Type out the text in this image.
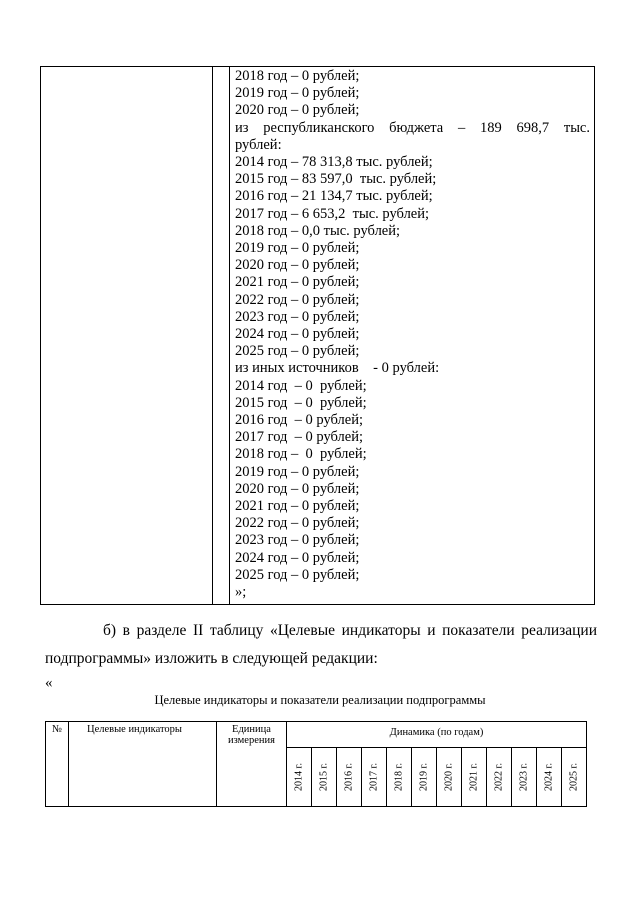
2018 год – 0 рублей;
2019 год – 0 рублей;
2020 год – 0 рублей;
из республиканского бюджета – 189 698,7 тыс.
рублей:
2014 год – 78 313,8 тыс. рублей;
2015 год – 83 597,0  тыс. рублей;
2016 год – 21 134,7 тыс. рублей;
2017 год – 6 653,2  тыс. рублей;
2018 год – 0,0 тыс. рублей;
2019 год – 0 рублей;
2020 год – 0 рублей;
2021 год – 0 рублей;
2022 год – 0 рублей;
2023 год – 0 рублей;
2024 год – 0 рублей;
2025 год – 0 рублей;
из иных источников    - 0 рублей:
2014 год  – 0  рублей;
2015 год  – 0  рублей;
2016 год  – 0 рублей;
2017 год  – 0 рублей;
2018 год –  0  рублей;
2019 год – 0 рублей;
2020 год – 0 рублей;
2021 год – 0 рублей;
2022 год – 0 рублей;
2023 год – 0 рублей;
2024 год – 0 рублей;
2025 год – 0 рублей;
»;
б) в разделе II таблицу «Целевые индикаторы и показатели реализации
подпрограммы» изложить в следующей редакции:
«
Целевые индикаторы и показатели реализации подпрограммы
№	Целевые индикаторы	Единица измерения	Динамика (по годам)											

			2014 г.	2015 г.	2016 г.	2017 г.	2018 г.	2019 г.	2020 г.	2021 г.	2022 г.	2023 г.	2024 г.	2025 г.
